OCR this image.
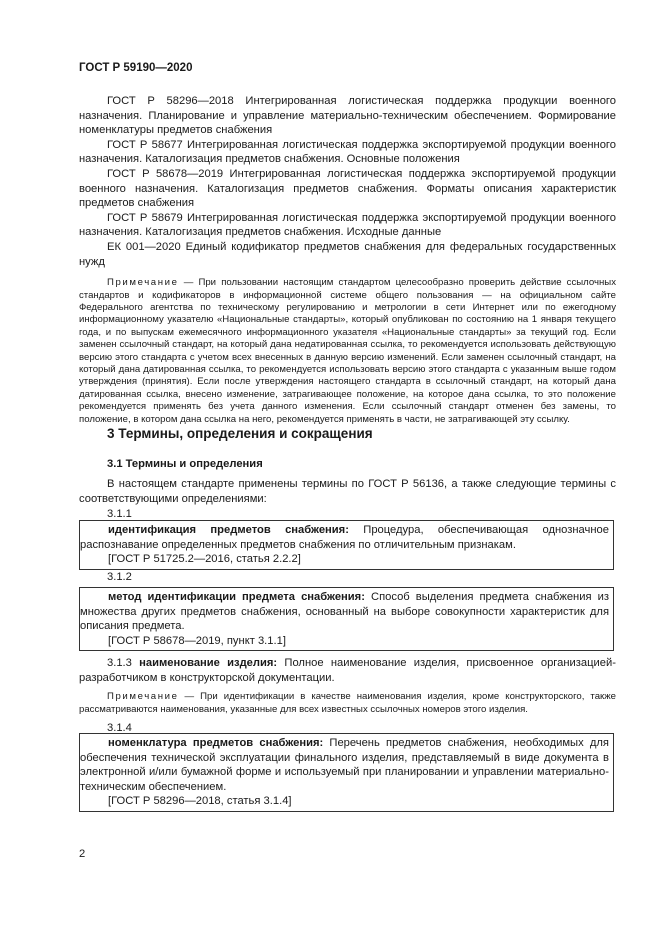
ГОСТ Р 59190—2020
ГОСТ Р 58296—2018 Интегрированная логистическая поддержка продукции военного назначения. Планирование и управление материально-техническим обеспечением. Формирование номенклатуры предметов снабжения
ГОСТ Р 58677 Интегрированная логистическая поддержка экспортируемой продукции военного назначения. Каталогизация предметов снабжения. Основные положения
ГОСТ Р 58678—2019 Интегрированная логистическая поддержка экспортируемой продукции военного назначения. Каталогизация предметов снабжения. Форматы описания характеристик предметов снабжения
ГОСТ Р 58679 Интегрированная логистическая поддержка экспортируемой продукции военного назначения. Каталогизация предметов снабжения. Исходные данные
ЕК 001—2020 Единый кодификатор предметов снабжения для федеральных государственных нужд
Примечание — При пользовании настоящим стандартом целесообразно проверить действие ссылочных стандартов и кодификаторов в информационной системе общего пользования — на официальном сайте Федерального агентства по техническому регулированию и метрологии в сети Интернет или по ежегодному информационному указателю «Национальные стандарты», который опубликован по состоянию на 1 января текущего года, и по выпускам ежемесячного информационного указателя «Национальные стандарты» за текущий год. Если заменен ссылочный стандарт, на который дана недатированная ссылка, то рекомендуется использовать действующую версию этого стандарта с учетом всех внесенных в данную версию изменений. Если заменен ссылочный стандарт, на который дана датированная ссылка, то рекомендуется использовать версию этого стандарта с указанным выше годом утверждения (принятия). Если после утверждения настоящего стандарта в ссылочный стандарт, на который дана датированная ссылка, внесено изменение, затрагивающее положение, на которое дана ссылка, то это положение рекомендуется применять без учета данного изменения. Если ссылочный стандарт отменен без замены, то положение, в котором дана ссылка на него, рекомендуется применять в части, не затрагивающей эту ссылку.
3 Термины, определения и сокращения
3.1 Термины и определения
В настоящем стандарте применены термины по ГОСТ Р 56136, а также следующие термины с соответствующими определениями:
3.1.1
идентификация предметов снабжения: Процедура, обеспечивающая однозначное распознавание определенных предметов снабжения по отличительным признакам.
[ГОСТ Р 51725.2—2016, статья 2.2.2]
3.1.2
метод идентификации предмета снабжения: Способ выделения предмета снабжения из множества других предметов снабжения, основанный на выборе совокупности характеристик для описания предмета.
[ГОСТ Р 58678—2019, пункт 3.1.1]
3.1.3 наименование изделия: Полное наименование изделия, присвоенное организацией-разработчиком в конструкторской документации.
Примечание — При идентификации в качестве наименования изделия, кроме конструкторского, также рассматриваются наименования, указанные для всех известных ссылочных номеров этого изделия.
3.1.4
номенклатура предметов снабжения: Перечень предметов снабжения, необходимых для обеспечения технической эксплуатации финального изделия, представляемый в виде документа в электронной и/или бумажной форме и используемый при планировании и управлении материально-техническим обеспечением.
[ГОСТ Р 58296—2018, статья 3.1.4]
2
